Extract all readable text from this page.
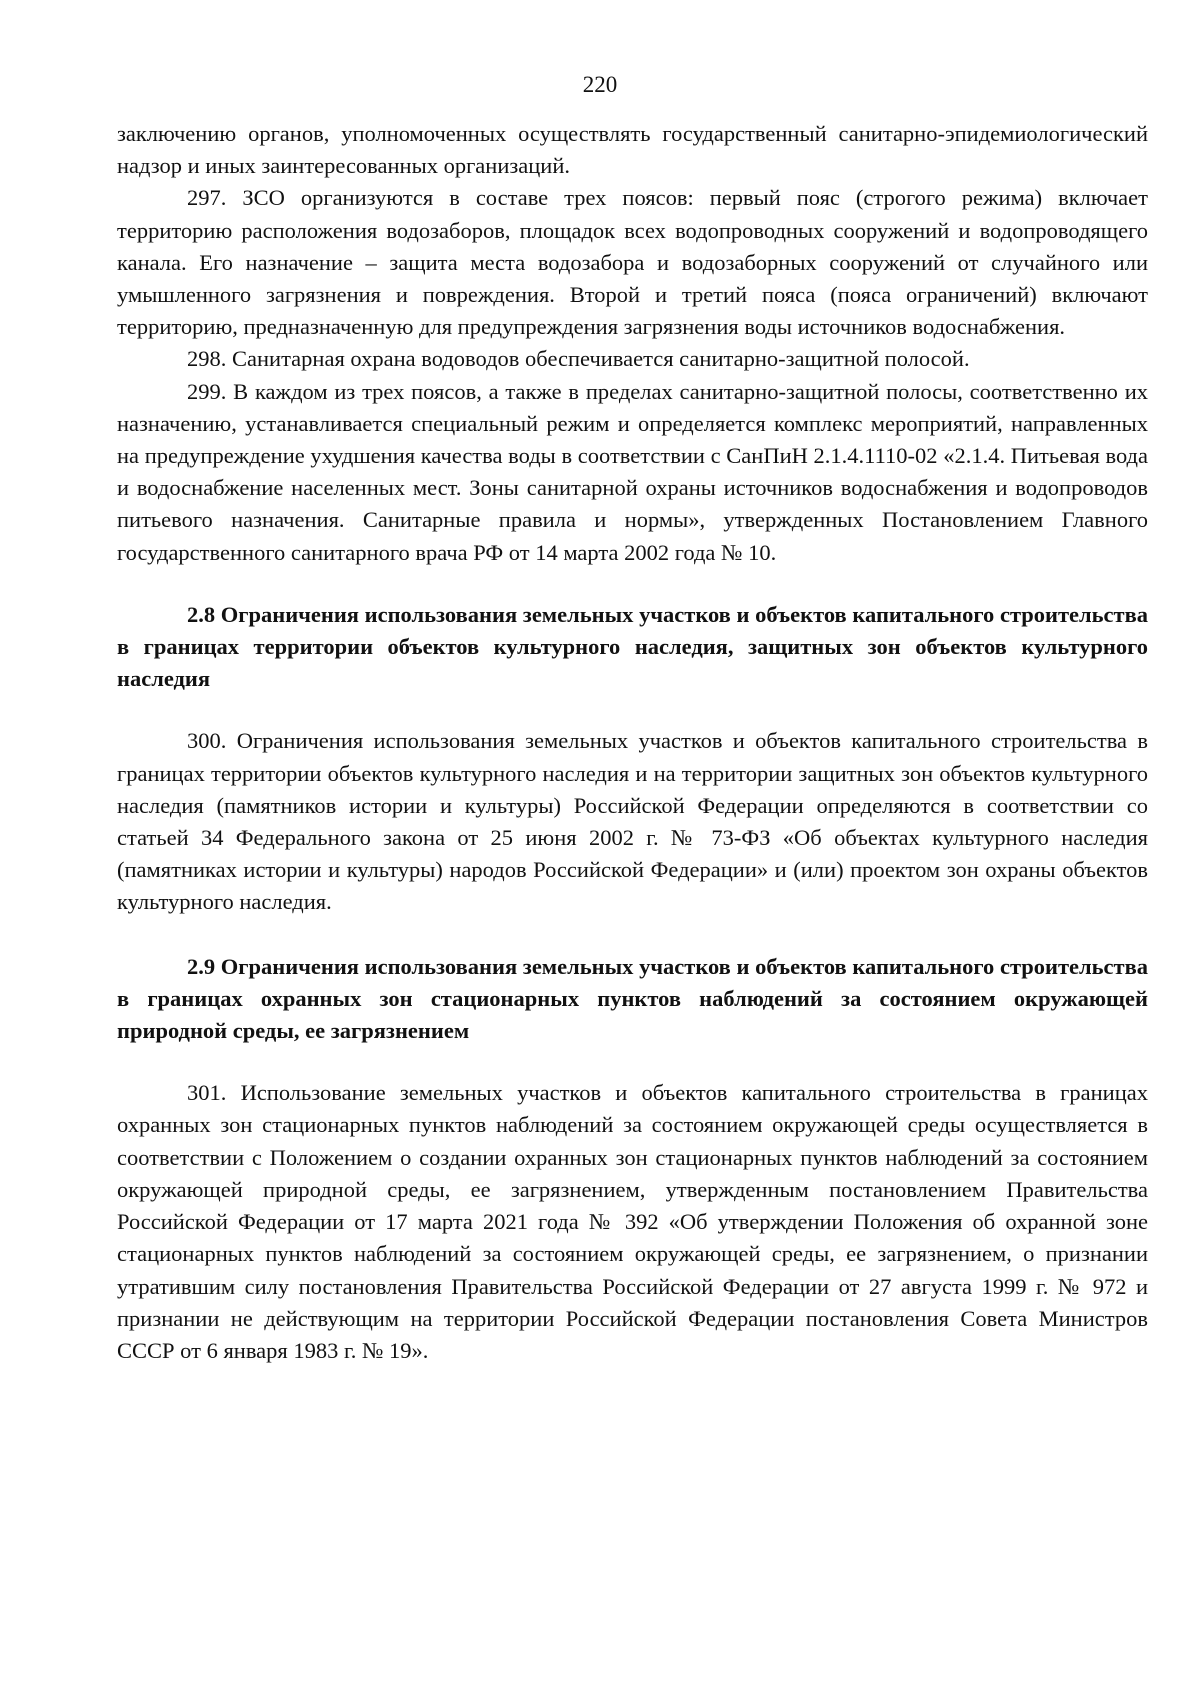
220

заключению органов, уполномоченных осуществлять государственный санитарно-эпидемиологический надзор и иных заинтересованных организаций.

297. ЗСО организуются в составе трех поясов: первый пояс (строгого режима) включает территорию расположения водозаборов, площадок всех водопроводных сооружений и водопроводящего канала. Его назначение – защита места водозабора и водозаборных сооружений от случайного или умышленного загрязнения и повреждения. Второй и третий пояса (пояса ограничений) включают территорию, предназначенную для предупреждения загрязнения воды источников водоснабжения.

298. Санитарная охрана водоводов обеспечивается санитарно-защитной полосой.

299. В каждом из трех поясов, а также в пределах санитарно-защитной полосы, соответственно их назначению, устанавливается специальный режим и определяется комплекс мероприятий, направленных на предупреждение ухудшения качества воды в соответствии с СанПиН 2.1.4.1110-02 «2.1.4. Питьевая вода и водоснабжение населенных мест. Зоны санитарной охраны источников водоснабжения и водопроводов питьевого назначения. Санитарные правила и нормы», утвержденных Постановлением Главного государственного санитарного врача РФ от 14 марта 2002 года № 10.

2.8 Ограничения использования земельных участков и объектов капитального строительства в границах территории объектов культурного наследия, защитных зон объектов культурного наследия

300. Ограничения использования земельных участков и объектов капитального строительства в границах территории объектов культурного наследия и на территории защитных зон объектов культурного наследия (памятников истории и культуры) Российской Федерации определяются в соответствии со статьей 34 Федерального закона от 25 июня 2002 г. № 73-ФЗ «Об объектах культурного наследия (памятниках истории и культуры) народов Российской Федерации» и (или) проектом зон охраны объектов культурного наследия.

2.9 Ограничения использования земельных участков и объектов капитального строительства в границах охранных зон стационарных пунктов наблюдений за состоянием окружающей природной среды, ее загрязнением

301. Использование земельных участков и объектов капитального строительства в границах охранных зон стационарных пунктов наблюдений за состоянием окружающей среды осуществляется в соответствии с Положением о создании охранных зон стационарных пунктов наблюдений за состоянием окружающей природной среды, ее загрязнением, утвержденным постановлением Правительства Российской Федерации от 17 марта 2021 года № 392 «Об утверждении Положения об охранной зоне стационарных пунктов наблюдений за состоянием окружающей среды, ее загрязнением, о признании утратившим силу постановления Правительства Российской Федерации от 27 августа 1999 г. № 972 и признании не действующим на территории Российской Федерации постановления Совета Министров СССР от 6 января 1983 г. № 19».
